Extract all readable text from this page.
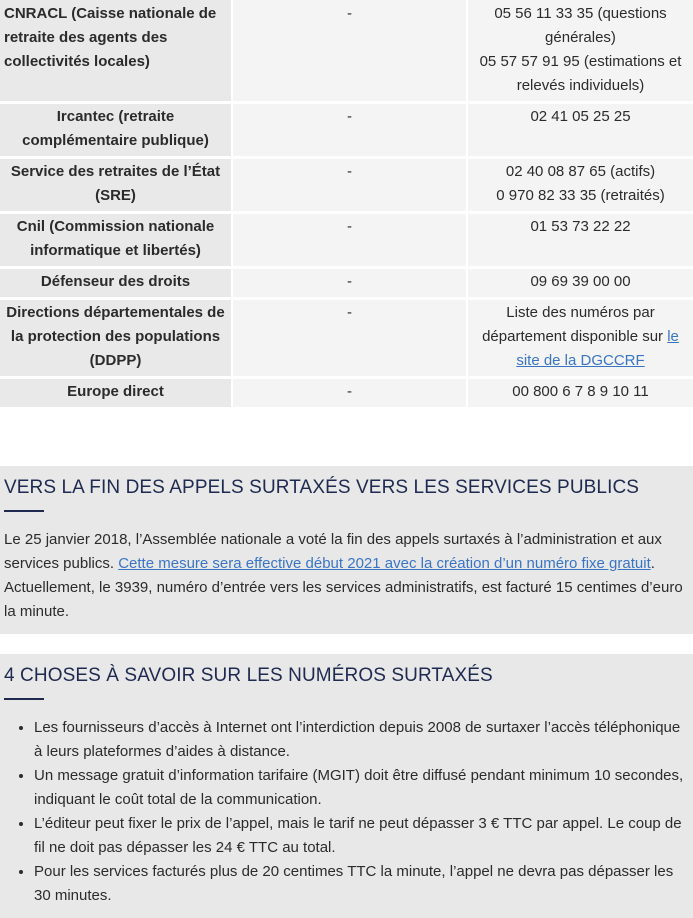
CNRACL (Caisse nationale de retraite des agents des collectivités locales)	-	05 56 11 33 35 (questions générales)
05 57 57 91 95 (estimations et relevés individuels)
Ircantec (retraite complémentaire publique)	-	02 41 05 25 25
Service des retraites de l’État (SRE)	-	02 40 08 87 65 (actifs)
0 970 82 33 35 (retraités)
Cnil (Commission nationale informatique et libertés)	-	01 53 73 22 22
Défenseur des droits	-	09 69 39 00 00
Directions départementales de la protection des populations (DDPP)	-	Liste des numéros par département disponible sur le site de la DGCCRF
Europe direct	-	00 800 6 7 8 9 10 11
VERS LA FIN DES APPELS SURTAXÉS VERS LES SERVICES PUBLICS

Le 25 janvier 2018, l’Assemblée nationale a voté la fin des appels surtaxés à l’administration et aux services publics. Cette mesure sera effective début 2021 avec la création d’un numéro fixe gratuit. Actuellement, le 3939, numéro d’entrée vers les services administratifs, est facturé 15 centimes d’euro la minute.

4 CHOSES À SAVOIR SUR LES NUMÉROS SURTAXÉS
• Les fournisseurs d’accès à Internet ont l’interdiction depuis 2008 de surtaxer l’accès téléphonique à leurs plateformes d’aides à distance.
• Un message gratuit d’information tarifaire (MGIT) doit être diffusé pendant minimum 10 secondes, indiquant le coût total de la communication.
• L’éditeur peut fixer le prix de l’appel, mais le tarif ne peut dépasser 3 € TTC par appel. Le coup de fil ne doit pas dépasser les 24 € TTC au total.
• Pour les services facturés plus de 20 centimes TTC la minute, l’appel ne devra pas dépasser les 30 minutes.
